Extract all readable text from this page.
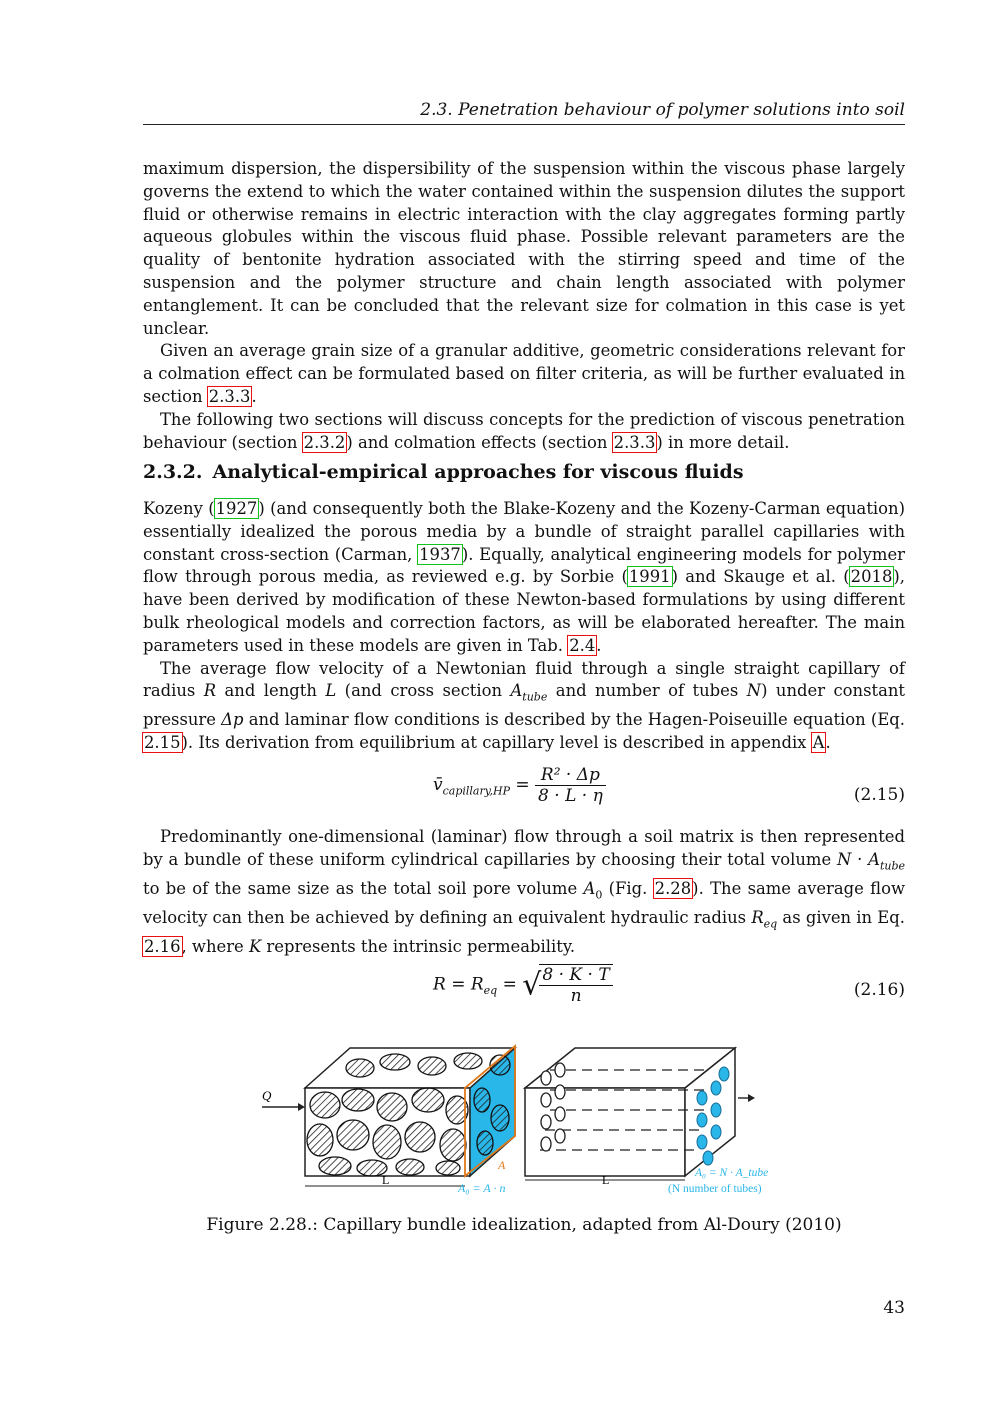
2.3. Penetration behaviour of polymer solutions into soil

maximum dispersion, the dispersibility of the suspension within the viscous phase largely governs the extend to which the water contained within the suspension dilutes the support fluid or otherwise remains in electric interaction with the clay aggregates forming partly aqueous globules within the viscous fluid phase. Possible relevant parameters are the quality of bentonite hydration associated with the stirring speed and time of the suspension and the polymer structure and chain length associated with polymer entanglement. It can be concluded that the relevant size for colmation in this case is yet unclear.

Given an average grain size of a granular additive, geometric considerations relevant for a colmation effect can be formulated based on filter criteria, as will be further evaluated in section 2.3.3.

The following two sections will discuss concepts for the prediction of viscous penetration behaviour (section 2.3.2) and colmation effects (section 2.3.3) in more detail.

2.3.2. Analytical-empirical approaches for viscous fluids

Kozeny (1927) (and consequently both the Blake-Kozeny and the Kozeny-Carman equation) essentially idealized the porous media by a bundle of straight parallel capillaries with constant cross-section (Carman, 1937). Equally, analytical engineering models for polymer flow through porous media, as reviewed e.g. by Sorbie (1991) and Skauge et al. (2018), have been derived by modification of these Newton-based formulations by using different bulk rheological models and correction factors, as will be elaborated hereafter. The main parameters used in these models are given in Tab. 2.4.

The average flow velocity of a Newtonian fluid through a single straight capillary of radius R and length L (and cross section $A_{tube}$ and number of tubes N) under constant pressure Δp and laminar flow conditions is described by the Hagen-Poiseuille equation (Eq. 2.15). Its derivation from equilibrium at capillary level is described in appendix A.

$v̄_{capillary,HP} = \frac{\text{R² · Δp}}{8 \cdot L \cdot \eta}$	(2.15)

Predominantly one-dimensional (laminar) flow through a soil matrix is then represented by a bundle of these uniform cylindrical capillaries by choosing their total volume $N \cdot A_{tube}$ to be of the same size as the total soil pore volume $A_0$ (Fig. 2.28). The same average flow velocity can then be achieved by defining an equivalent hydraulic radius $R_{eq}$ as given in Eq. 2.16, where K represents the intrinsic permeability.

$R = R_{eq}$ = √
$\frac{8 \cdot K \cdot T}{n}$	(2.16)
Q
L
A
A₀ = A · n
L	A₀ = N · A_tube
(N number of tubes)
Figure 2.28.: Capillary bundle idealization, adapted from Al-Doury (2010)
43
